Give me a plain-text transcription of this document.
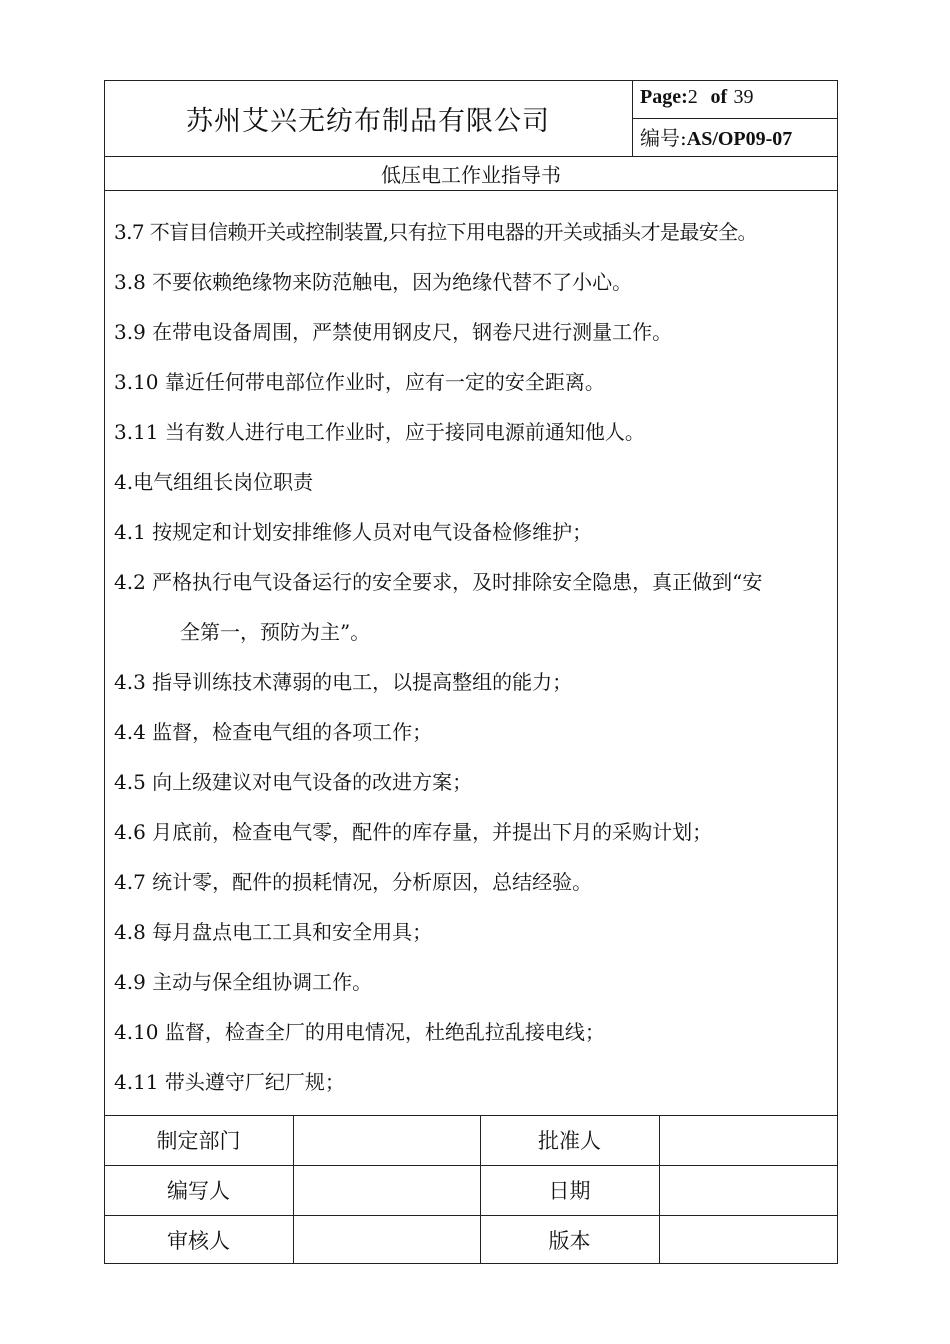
苏州艾兴无纺布制品有限公司
Page:2 of 39
编号:AS/OP09-07
低压电工作业指导书
3.7 不盲目信赖开关或控制装置,只有拉下用电器的开关或插头才是最安全。
3.8 不要依赖绝缘物来防范触电，因为绝缘代替不了小心。
3.9 在带电设备周围，严禁使用钢皮尺，钢卷尺进行测量工作。
3.10 靠近任何带电部位作业时，应有一定的安全距离。
3.11 当有数人进行电工作业时，应于接同电源前通知他人。
4.电气组组长岗位职责
4.1 按规定和计划安排维修人员对电气设备检修维护；
4.2 严格执行电气设备运行的安全要求，及时排除安全隐患，真正做到“安
全第一，预防为主”。
4.3 指导训练技术薄弱的电工，以提高整组的能力；
4.4 监督，检查电气组的各项工作；
4.5 向上级建议对电气设备的改进方案；
4.6 月底前，检查电气零，配件的库存量，并提出下月的采购计划；
4.7 统计零，配件的损耗情况，分析原因，总结经验。
4.8 每月盘点电工工具和安全用具；
4.9 主动与保全组协调工作。
4.10 监督，检查全厂的用电情况，杜绝乱拉乱接电线；
4.11 带头遵守厂纪厂规；
制定部门	批准人
编写人	日期
审核人	版本
